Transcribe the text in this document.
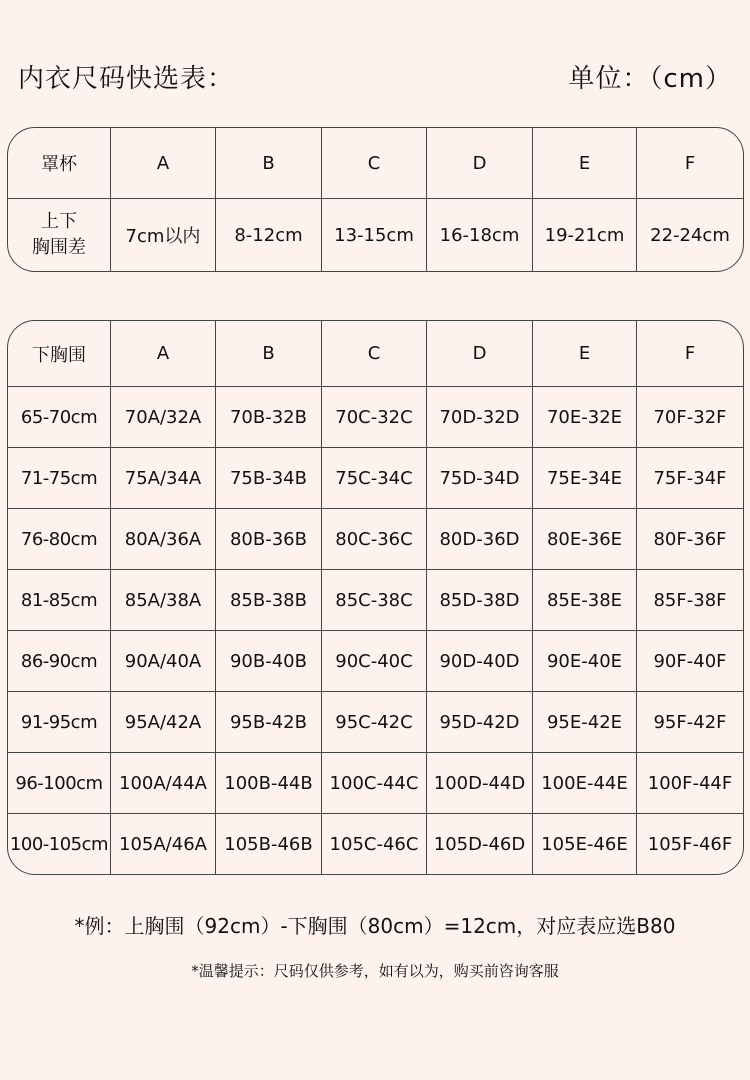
内衣尺码快选表：	单位：（cm）
罩杯	A	B	C	D	E	F

上下
胸围差	7cm以内	8-12cm	13-15cm	16-18cm	19-21cm	22-24cm
下胸围	A	B	C	D	E	F
65-70cm	70A/32A	70B-32B	70C-32C	70D-32D	70E-32E	70F-32F
71-75cm	75A/34A	75B-34B	75C-34C	75D-34D	75E-34E	75F-34F
76-80cm	80A/36A	80B-36B	80C-36C	80D-36D	80E-36E	80F-36F
81-85cm	85A/38A	85B-38B	85C-38C	85D-38D	85E-38E	85F-38F
86-90cm	90A/40A	90B-40B	90C-40C	90D-40D	90E-40E	90F-40F
91-95cm	95A/42A	95B-42B	95C-42C	95D-42D	95E-42E	95F-42F
96-100cm	100A/44A	100B-44B	100C-44C	100D-44D	100E-44E	100F-44F
100-105cm	105A/46A	105B-46B	105C-46C	105D-46D	105E-46E	105F-46F
*例：上胸围（92cm）-下胸围（80cm）=12cm，对应表应选B80
*温馨提示：尺码仅供参考，如有以为，购买前咨询客服
